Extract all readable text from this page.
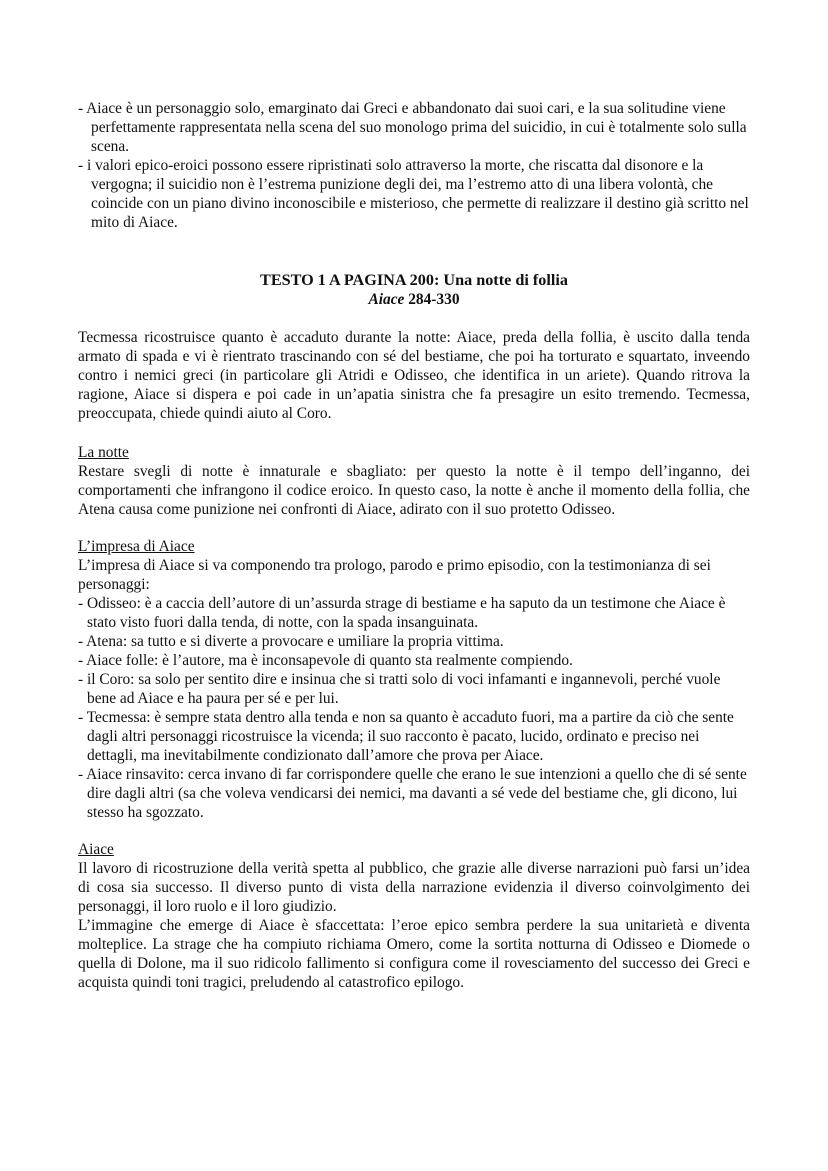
- Aiace è un personaggio solo, emarginato dai Greci e abbandonato dai suoi cari, e la sua solitudine viene perfettamente rappresentata nella scena del suo monologo prima del suicidio, in cui è totalmente solo sulla scena.

- i valori epico-eroici possono essere ripristinati solo attraverso la morte, che riscatta dal disonore e la vergogna; il suicidio non è l’estrema punizione degli dei, ma l’estremo atto di una libera volontà, che coincide con un piano divino inconoscibile e misterioso, che permette di realizzare il destino già scritto nel mito di Aiace.

TESTO 1 A PAGINA 200: Una notte di follia
Aiace 284-330

Tecmessa ricostruisce quanto è accaduto durante la notte: Aiace, preda della follia, è uscito dalla tenda armato di spada e vi è rientrato trascinando con sé del bestiame, che poi ha torturato e squartato, inveendo contro i nemici greci (in particolare gli Atridi e Odisseo, che identifica in un ariete). Quando ritrova la ragione, Aiace si dispera e poi cade in un’apatia sinistra che fa presagire un esito tremendo. Tecmessa, preoccupata, chiede quindi aiuto al Coro.

La notte

Restare svegli di notte è innaturale e sbagliato: per questo la notte è il tempo dell’inganno, dei comportamenti che infrangono il codice eroico. In questo caso, la notte è anche il momento della follia, che Atena causa come punizione nei confronti di Aiace, adirato con il suo protetto Odisseo.

L’impresa di Aiace

L’impresa di Aiace si va componendo tra prologo, parodo e primo episodio, con la testimonianza di sei personaggi:

- Odisseo: è a caccia dell’autore di un’assurda strage di bestiame e ha saputo da un testimone che Aiace è stato visto fuori dalla tenda, di notte, con la spada insanguinata.

- Atena: sa tutto e si diverte a provocare e umiliare la propria vittima.

- Aiace folle: è l’autore, ma è inconsapevole di quanto sta realmente compiendo.

- il Coro: sa solo per sentito dire e insinua che si tratti solo di voci infamanti e ingannevoli, perché vuole bene ad Aiace e ha paura per sé e per lui.

- Tecmessa: è sempre stata dentro alla tenda e non sa quanto è accaduto fuori, ma a partire da ciò che sente dagli altri personaggi ricostruisce la vicenda; il suo racconto è pacato, lucido, ordinato e preciso nei dettagli, ma inevitabilmente condizionato dall’amore che prova per Aiace.

- Aiace rinsavito: cerca invano di far corrispondere quelle che erano le sue intenzioni a quello che di sé sente dire dagli altri (sa che voleva vendicarsi dei nemici, ma davanti a sé vede del bestiame che, gli dicono, lui stesso ha sgozzato.

Aiace

Il lavoro di ricostruzione della verità spetta al pubblico, che grazie alle diverse narrazioni può farsi un’idea di cosa sia successo. Il diverso punto di vista della narrazione evidenzia il diverso coinvolgimento dei personaggi, il loro ruolo e il loro giudizio.

L’immagine che emerge di Aiace è sfaccettata: l’eroe epico sembra perdere la sua unitarietà e diventa molteplice. La strage che ha compiuto richiama Omero, come la sortita notturna di Odisseo e Diomede o quella di Dolone, ma il suo ridicolo fallimento si configura come il rovesciamento del successo dei Greci e acquista quindi toni tragici, preludendo al catastrofico epilogo.
